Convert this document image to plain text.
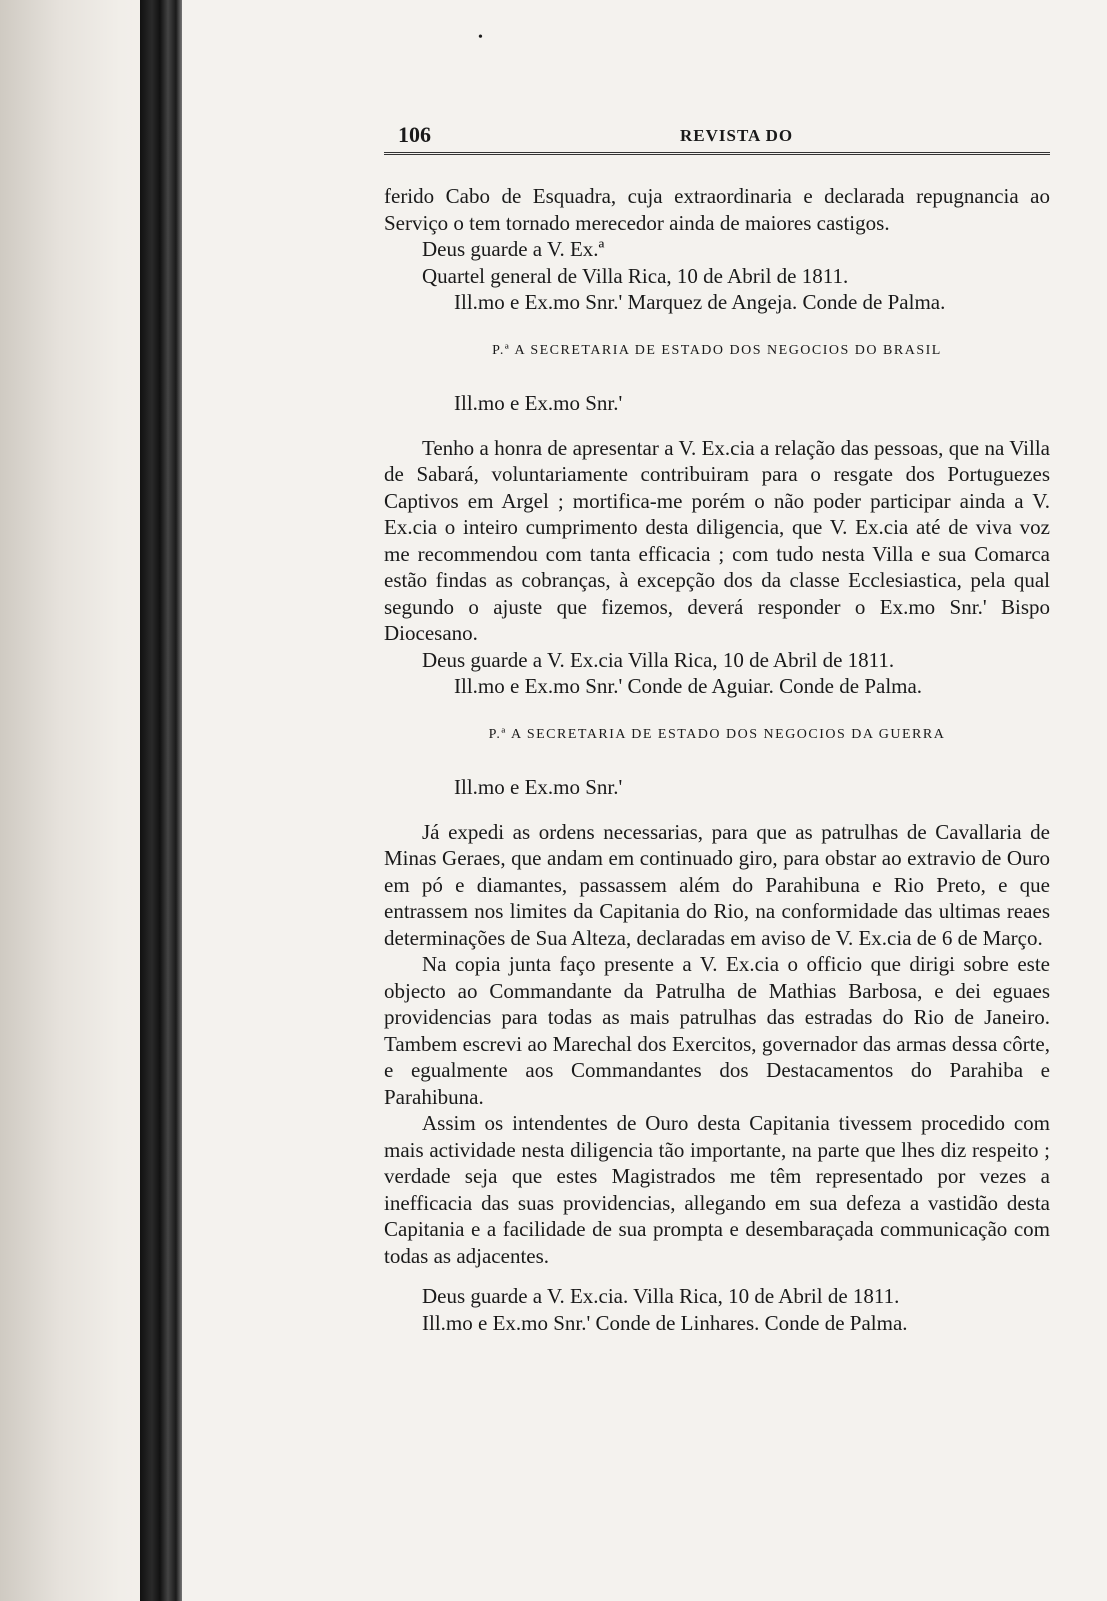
•
106	REVISTA DO

ferido Cabo de Esquadra, cuja extraordinaria e declarada repugnancia ao Serviço o tem tornado merecedor ainda de maiores castigos.

Deus guarde a V. Ex.ª

Quartel general de Villa Rica, 10 de Abril de 1811.

Ill.mo e Ex.mo Snr.' Marquez de Angeja. Conde de Palma.

P.ª A SECRETARIA DE ESTADO DOS NEGOCIOS DO BRASIL

Ill.mo e Ex.mo Snr.'

Tenho a honra de apresentar a V. Ex.cia a relação das pessoas, que na Villa de Sabará, voluntariamente contribuiram para o resgate dos Portuguezes Captivos em Argel ; mortifica-me porém o não poder participar ainda a V. Ex.cia o inteiro cumprimento desta diligencia, que V. Ex.cia até de viva voz me recommendou com tanta efficacia ; com tudo nesta Villa e sua Comarca estão findas as cobranças, à excepção dos da classe Ecclesiastica, pela qual segundo o ajuste que fizemos, deverá responder o Ex.mo Snr.' Bispo Diocesano.

Deus guarde a V. Ex.cia Villa Rica, 10 de Abril de 1811.

Ill.mo e Ex.mo Snr.' Conde de Aguiar. Conde de Palma.

P.ª A SECRETARIA DE ESTADO DOS NEGOCIOS DA GUERRA

Ill.mo e Ex.mo Snr.'

Já expedi as ordens necessarias, para que as patrulhas de Cavallaria de Minas Geraes, que andam em continuado giro, para obstar ao extravio de Ouro em pó e diamantes, passassem além do Parahibuna e Rio Preto, e que entrassem nos limites da Capitania do Rio, na conformidade das ultimas reaes determinações de Sua Alteza, declaradas em aviso de V. Ex.cia de 6 de Março.

Na copia junta faço presente a V. Ex.cia o officio que dirigi sobre este objecto ao Commandante da Patrulha de Mathias Barbosa, e dei eguaes providencias para todas as mais patrulhas das estradas do Rio de Janeiro. Tambem escrevi ao Marechal dos Exercitos, governador das armas dessa côrte, e egualmente aos Commandantes dos Destacamentos do Parahiba e Parahibuna.

Assim os intendentes de Ouro desta Capitania tivessem procedido com mais actividade nesta diligencia tão importante, na parte que lhes diz respeito ; verdade seja que estes Magistrados me têm representado por vezes a inefficacia das suas providencias, allegando em sua defeza a vastidão desta Capitania e a facilidade de sua prompta e desembaraçada communicação com todas as adjacentes.

Deus guarde a V. Ex.cia. Villa Rica, 10 de Abril de 1811.

Ill.mo e Ex.mo Snr.' Conde de Linhares. Conde de Palma.
